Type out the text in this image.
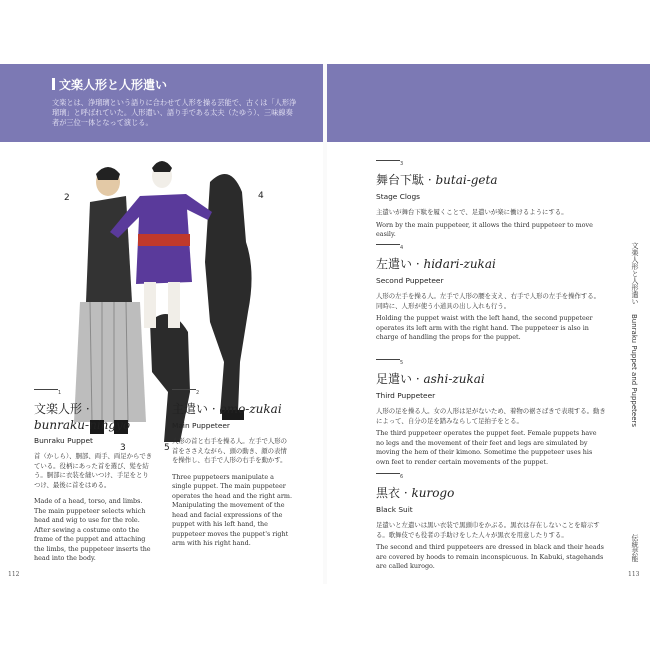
文楽人形と人形遣い
文楽とは、浄瑠璃という語りに合わせて人形を操る芸能で、古くは「人形浄瑠璃」と呼ばれていた。人形遣い、語り手である太夫（たゆう）、三味線奏者が三位一体となって演じる。
2
3
4
5
1
文楽人形 ·
bunraku-ningyo
Bunraku Puppet
首（かしら）、胴部、両手、両足からできている。役柄にあった首を選び、髪を結う。胴部に衣装を縫いつけ、手足をとりつけ、最後に首をはめる。
Made of a head, torso, and limbs. The main puppeteer selects which head and wig to use for the role. After sewing a costume onto the frame of the puppet and attaching the limbs, the puppeteer inserts the head into the body.
2
主遣い · omo-zukai
Main Puppeteer
人形の首と右手を操る人。左手で人形の首をささえながら、頭の動き、顔の表情を操作し、右手で人形の右手を動かす。
Three puppeteers manipulate a single puppet. The main puppeteer operates the head and the right arm. Manipulating the movement of the head and facial expressions of the puppet with his left hand, the puppeteer moves the puppet's right arm with his right hand.
3
舞台下駄 · butai-geta
Stage Clogs
主遣いが舞台下駄を履くことで、足遣いが楽に働けるようにする。
Worn by the main puppeteer, it allows the third puppeteer to move easily.
4
左遣い · hidari-zukai
Second Puppeteer
人形の左手を操る人。左手で人形の腰を支え、右手で人形の左手を操作する。同時に、人形が使う小道具の出し入れも行う。
Holding the puppet waist with the left hand, the second puppeteer operates its left arm with the right hand. The puppeteer is also in charge of handling the props for the puppet.
5
足遣い · ashi-zukai
Third Puppeteer
人形の足を操る人。女の人形は足がないため、着物の裾さばきで表現する。動きによって、自分の足を踏みならして足拍子をとる。
The third puppeteer operates the puppet feet. Female puppets have no legs and the movement of their feet and legs are simulated by moving the hem of their kimono. Sometime the puppeteer uses his own feet to render certain movements of the puppet.
6
黒衣 · kurogo
Black Suit
足遣いと左遣いは黒い衣装で黒頭巾をかぶる。黒衣は存在しないことを暗示する。歌舞伎でも役者の手助けをした人々が黒衣を用意したりする。
The second and third puppeteers are dressed in black and their heads are covered by hoods to remain inconspicuous. In Kabuki, stagehands are called kurogo.
文楽人形と人形遣い
Bunraku Puppet and Puppeteers
伝統芸能
112	113
